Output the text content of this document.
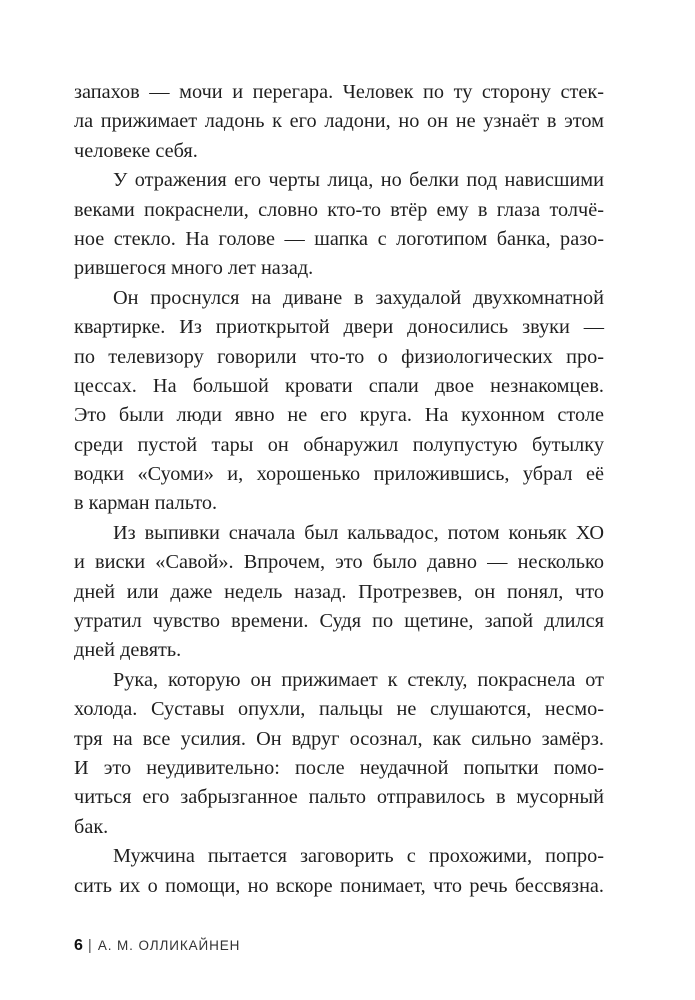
запахов — мочи и перегара. Человек по ту сторону стек-
ла прижимает ладонь к его ладони, но он не узнаёт в этом
человеке себя.
У отражения его черты лица, но белки под нависшими
веками покраснели, словно кто-то втёр ему в глаза толчё-
ное стекло. На голове — шапка с логотипом банка, разо-
рившегося много лет назад.
Он проснулся на диване в захудалой двухкомнатной
квартирке. Из приоткрытой двери доносились звуки —
по телевизору говорили что-то о физиологических про-
цессах. На большой кровати спали двое незнакомцев.
Это были люди явно не его круга. На кухонном столе
среди пустой тары он обнаружил полупустую бутылку
водки «Суоми» и, хорошенько приложившись, убрал её
в карман пальто.
Из выпивки сначала был кальвадос, потом коньяк ХО
и виски «Савой». Впрочем, это было давно — несколько
дней или даже недель назад. Протрезвев, он понял, что
утратил чувство времени. Судя по щетине, запой длился
дней девять.
Рука, которую он прижимает к стеклу, покраснела от
холода. Суставы опухли, пальцы не слушаются, несмо-
тря на все усилия. Он вдруг осознал, как сильно замёрз.
И это неудивительно: после неудачной попытки помо-
читься его забрызганное пальто отправилось в мусорный
бак.
Мужчина пытается заговорить с прохожими, попро-
сить их о помощи, но вскоре понимает, что речь бессвязна.
6 | А. М. ОЛЛИКАЙНЕН
